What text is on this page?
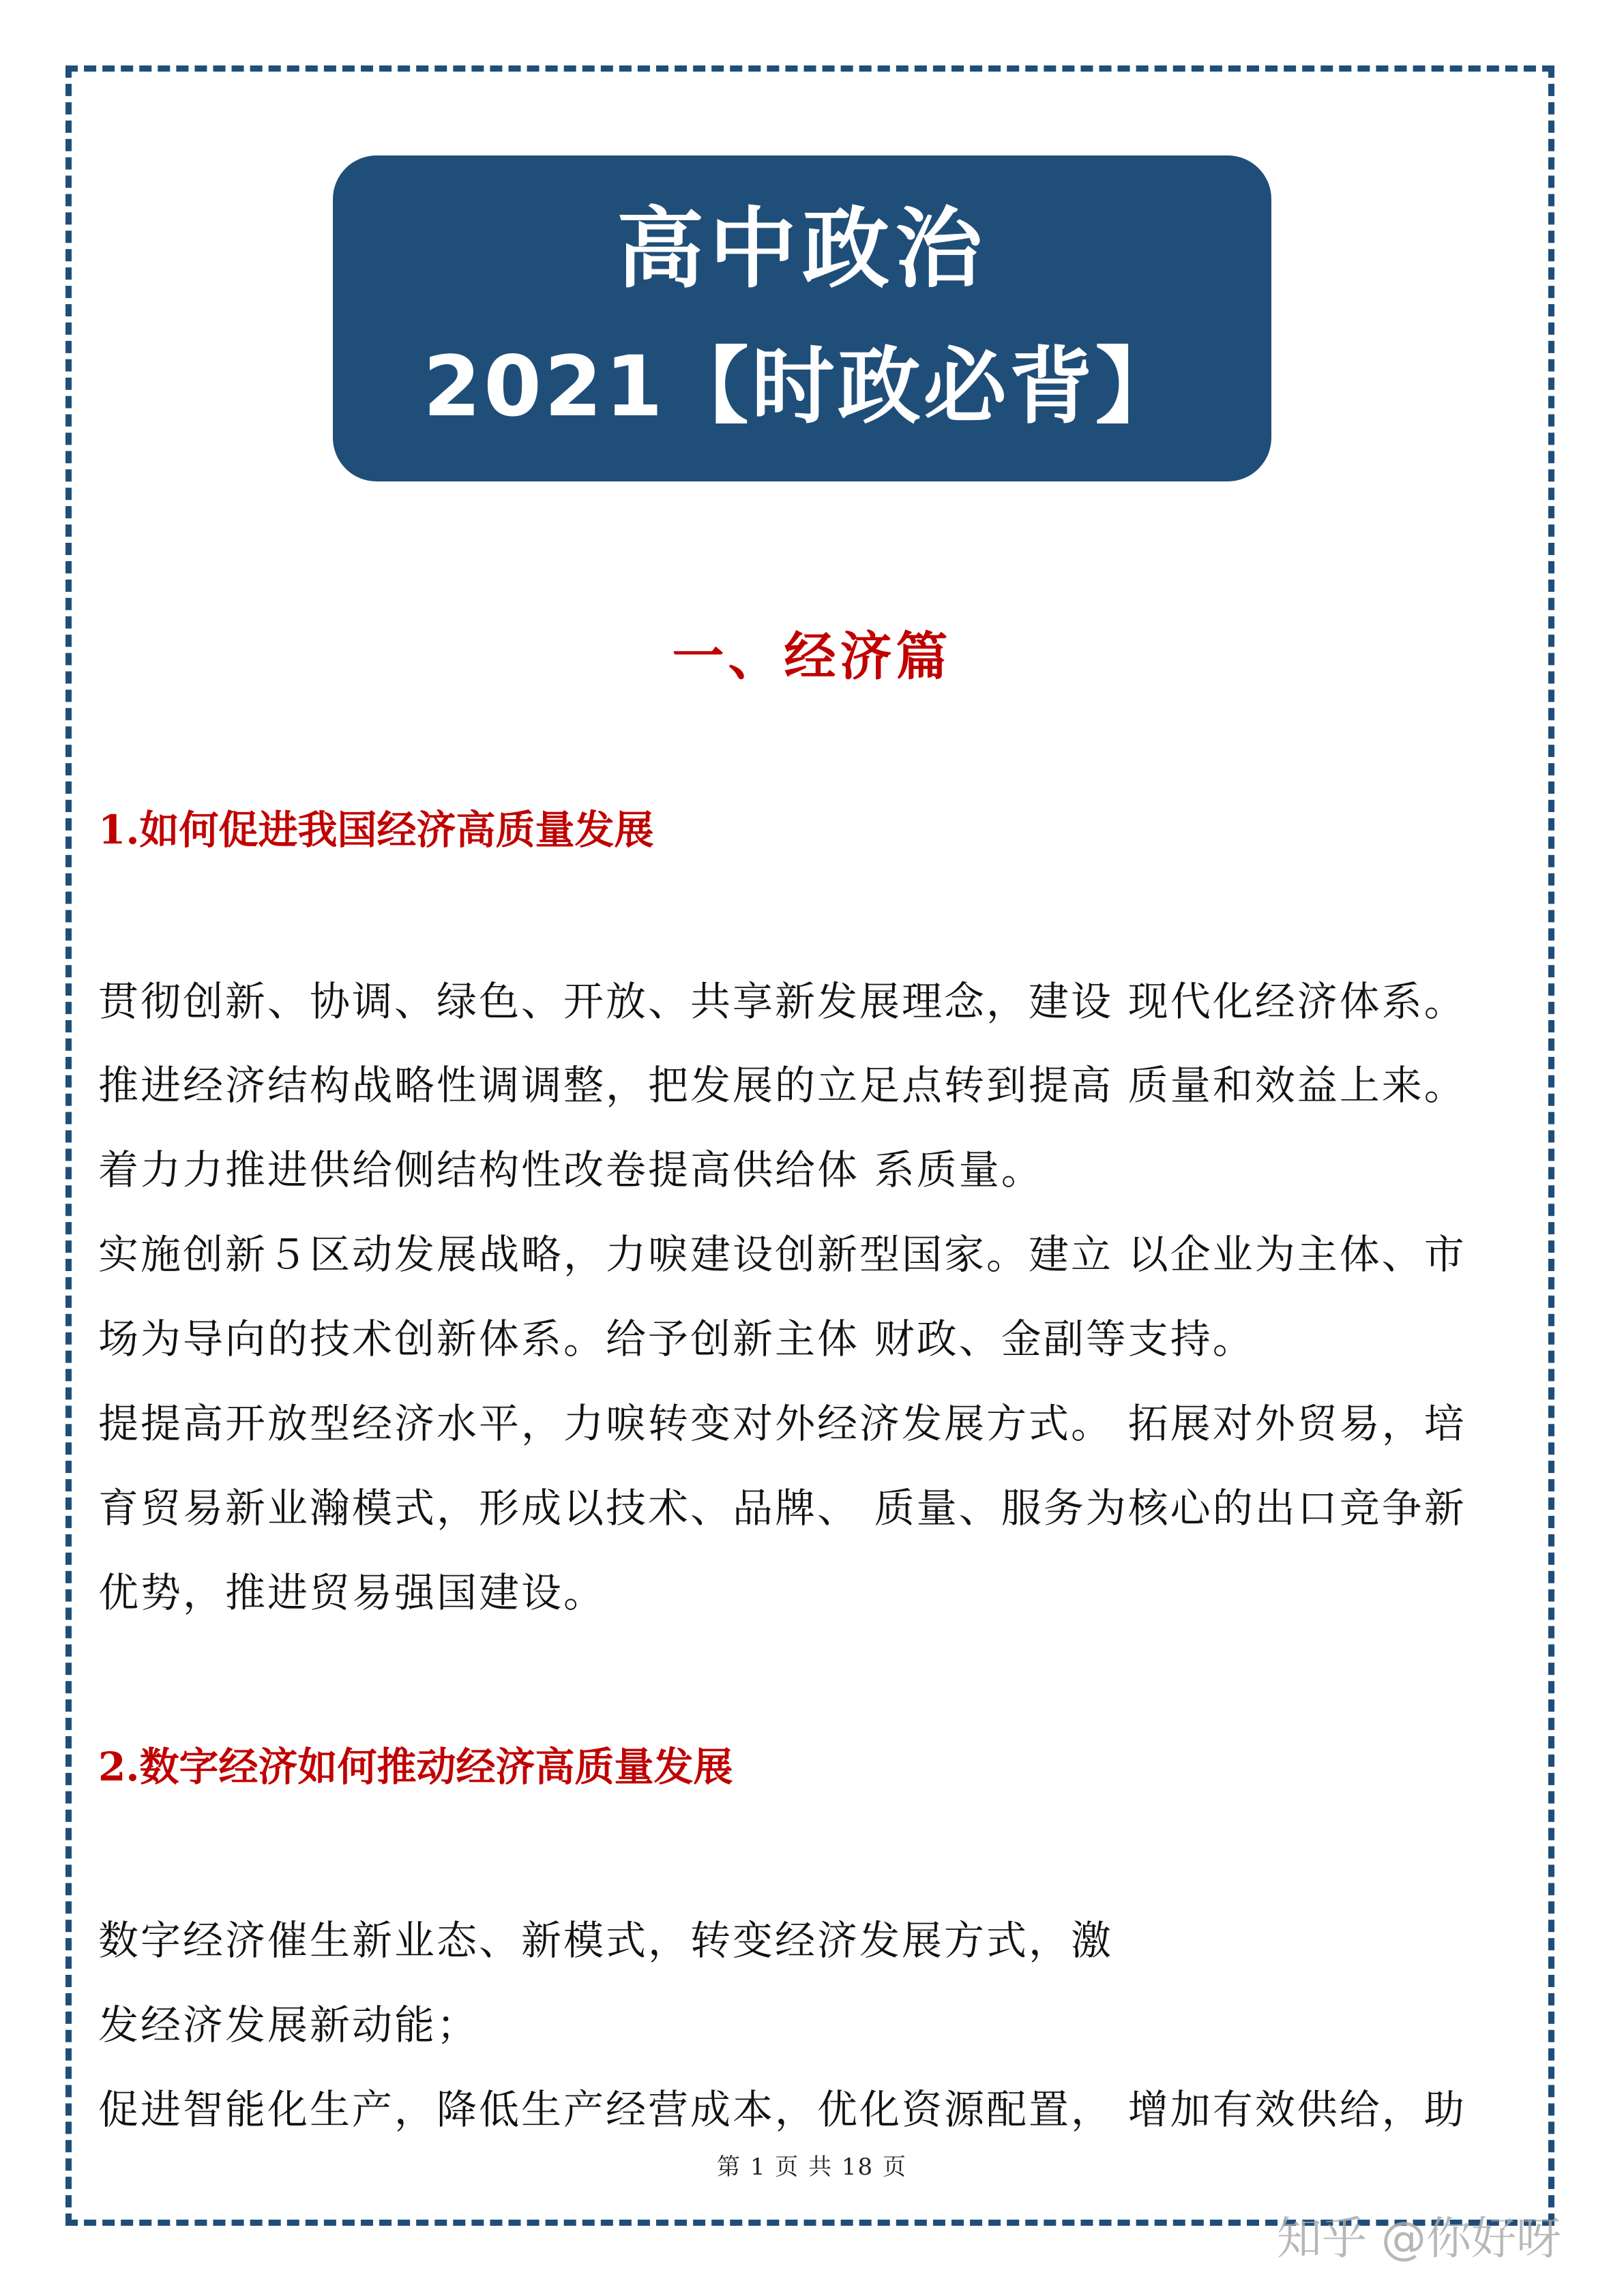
高中政治
2021【时政必背】
一、经济篇
1.如何促进我国经济高质量发展
贯彻创新、协调、绿色、开放、共享新发展理念，建设 现代化经济体系。
推进经济结构战略性调调整，把发展的立足点转到提高 质量和效益上来。
着力力推进供给侧结构性改卷提高供给体 系质量。
实施创新５区动发展战略，力唳建设创新型国家。建立 以企业为主体、市
场为导向的技术创新体系。给予创新主体 财政、金副等支持。
提提高开放型经济水平，力唳转变对外经济发展方式。 拓展对外贸易，培
育贸易新业瀚模式，形成以技术、品牌、 质量、服务为核心的出口竞争新
优势，推进贸易强国建设。
2.数字经济如何推动经济高质量发展
数字经济催生新业态、新模式，转变经济发展方式，激
发经济发展新动能；
促进智能化生产，降低生产经营成本，优化资源配置， 增加有效供给，助
第 1 页 共 18 页
知乎 @你好呀
